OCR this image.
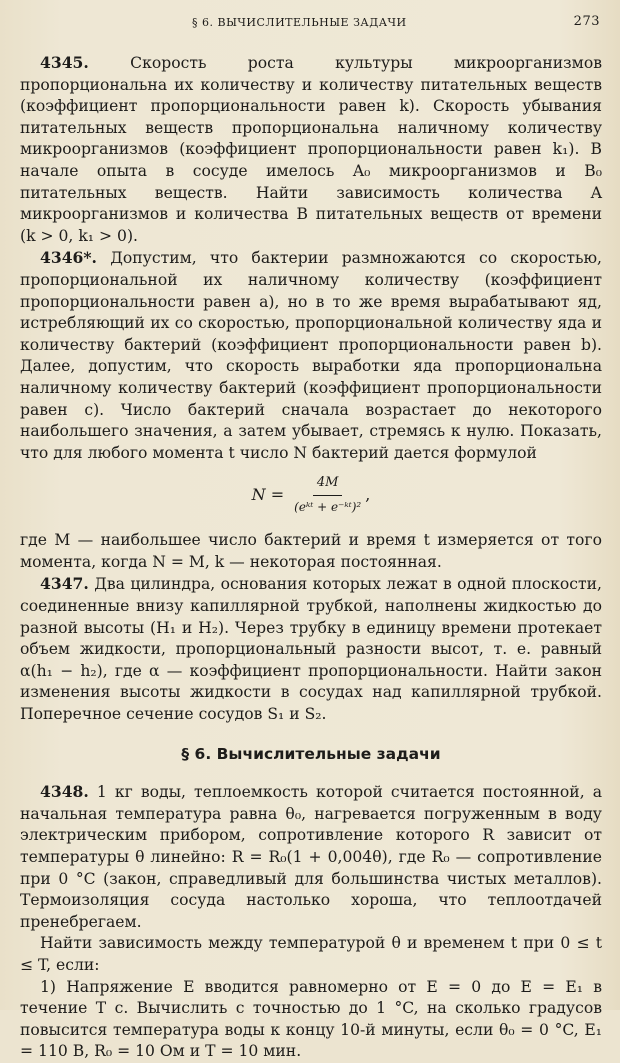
§ 6. ВЫЧИСЛИТЕЛЬНЫЕ ЗАДАЧИ	273

4345.	Скорость роста культуры микроорганизмов пропорциональна их количеству и количеству питательных веществ (коэффициент пропорциональности равен k). Скорость убывания питательных веществ пропорциональна наличному количеству микроорганизмов (коэффициент пропорциональности равен k₁). В начале опыта в сосуде имелось A₀ микроорганизмов и B₀ питательных веществ. Найти зависимость количества A микроорганизмов и количества B питательных веществ от времени (k > 0, k₁ > 0).

4346*. Допустим, что бактерии размножаются со скоростью, пропорциональной их наличному количеству (коэффициент пропорциональности равен a), но в то же время вырабатывают яд, истребляющий их со скоростью, пропорциональной количеству яда и количеству бактерий (коэффициент пропорциональности равен b). Далее, допустим, что скорость выработки яда пропорциональна наличному количеству бактерий (коэффициент пропорциональности равен c). Число бактерий сначала возрастает до некоторого наибольшего значения, а затем убывает, стремясь к нулю. Показать, что для любого момента t число N бактерий дается формулой

$N = \frac{4M}{\text{(eᵏᵗ + e⁻ᵏᵗ)²}}$ ,

где M — наибольшее число бактерий и время t измеряется от того момента, когда N = M, k — некоторая постоянная.

4347. Два цилиндра, основания которых лежат в одной плоскости, соединенные внизу капиллярной трубкой, наполнены жидкостью до разной высоты (H₁ и H₂). Через трубку в единицу времени протекает объем жидкости, пропорциональный разности высот, т. е. равный α(h₁ − h₂), где α — коэффициент пропорциональности. Найти закон изменения высоты жидкости в сосудах над капиллярной трубкой. Поперечное сечение сосудов S₁ и S₂.

§ 6. Вычислительные задачи

4348. 1 кг воды, теплоемкость которой считается постоянной, а начальная температура равна θ₀, нагревается погруженным в воду электрическим прибором, сопротивление которого R зависит от температуры θ линейно: R = R₀(1 + 0,004θ), где R₀ — сопротивление при 0 °C (закон, справедливый для большинства чистых металлов). Термоизоляция сосуда настолько хороша, что теплоотдачей пренебрегаем.

Найти зависимость между температурой θ и временем t при 0 ≤ t ≤ T, если:

1) Напряжение E вводится равномерно от E = 0 до E = E₁ в течение T с. Вычислить с точностью до 1 °C, на сколько градусов повысится температура воды к концу 10-й минуты, если θ₀ = 0 °C, E₁ = 110 В, R₀ = 10 Ом и T = 10 мин.
